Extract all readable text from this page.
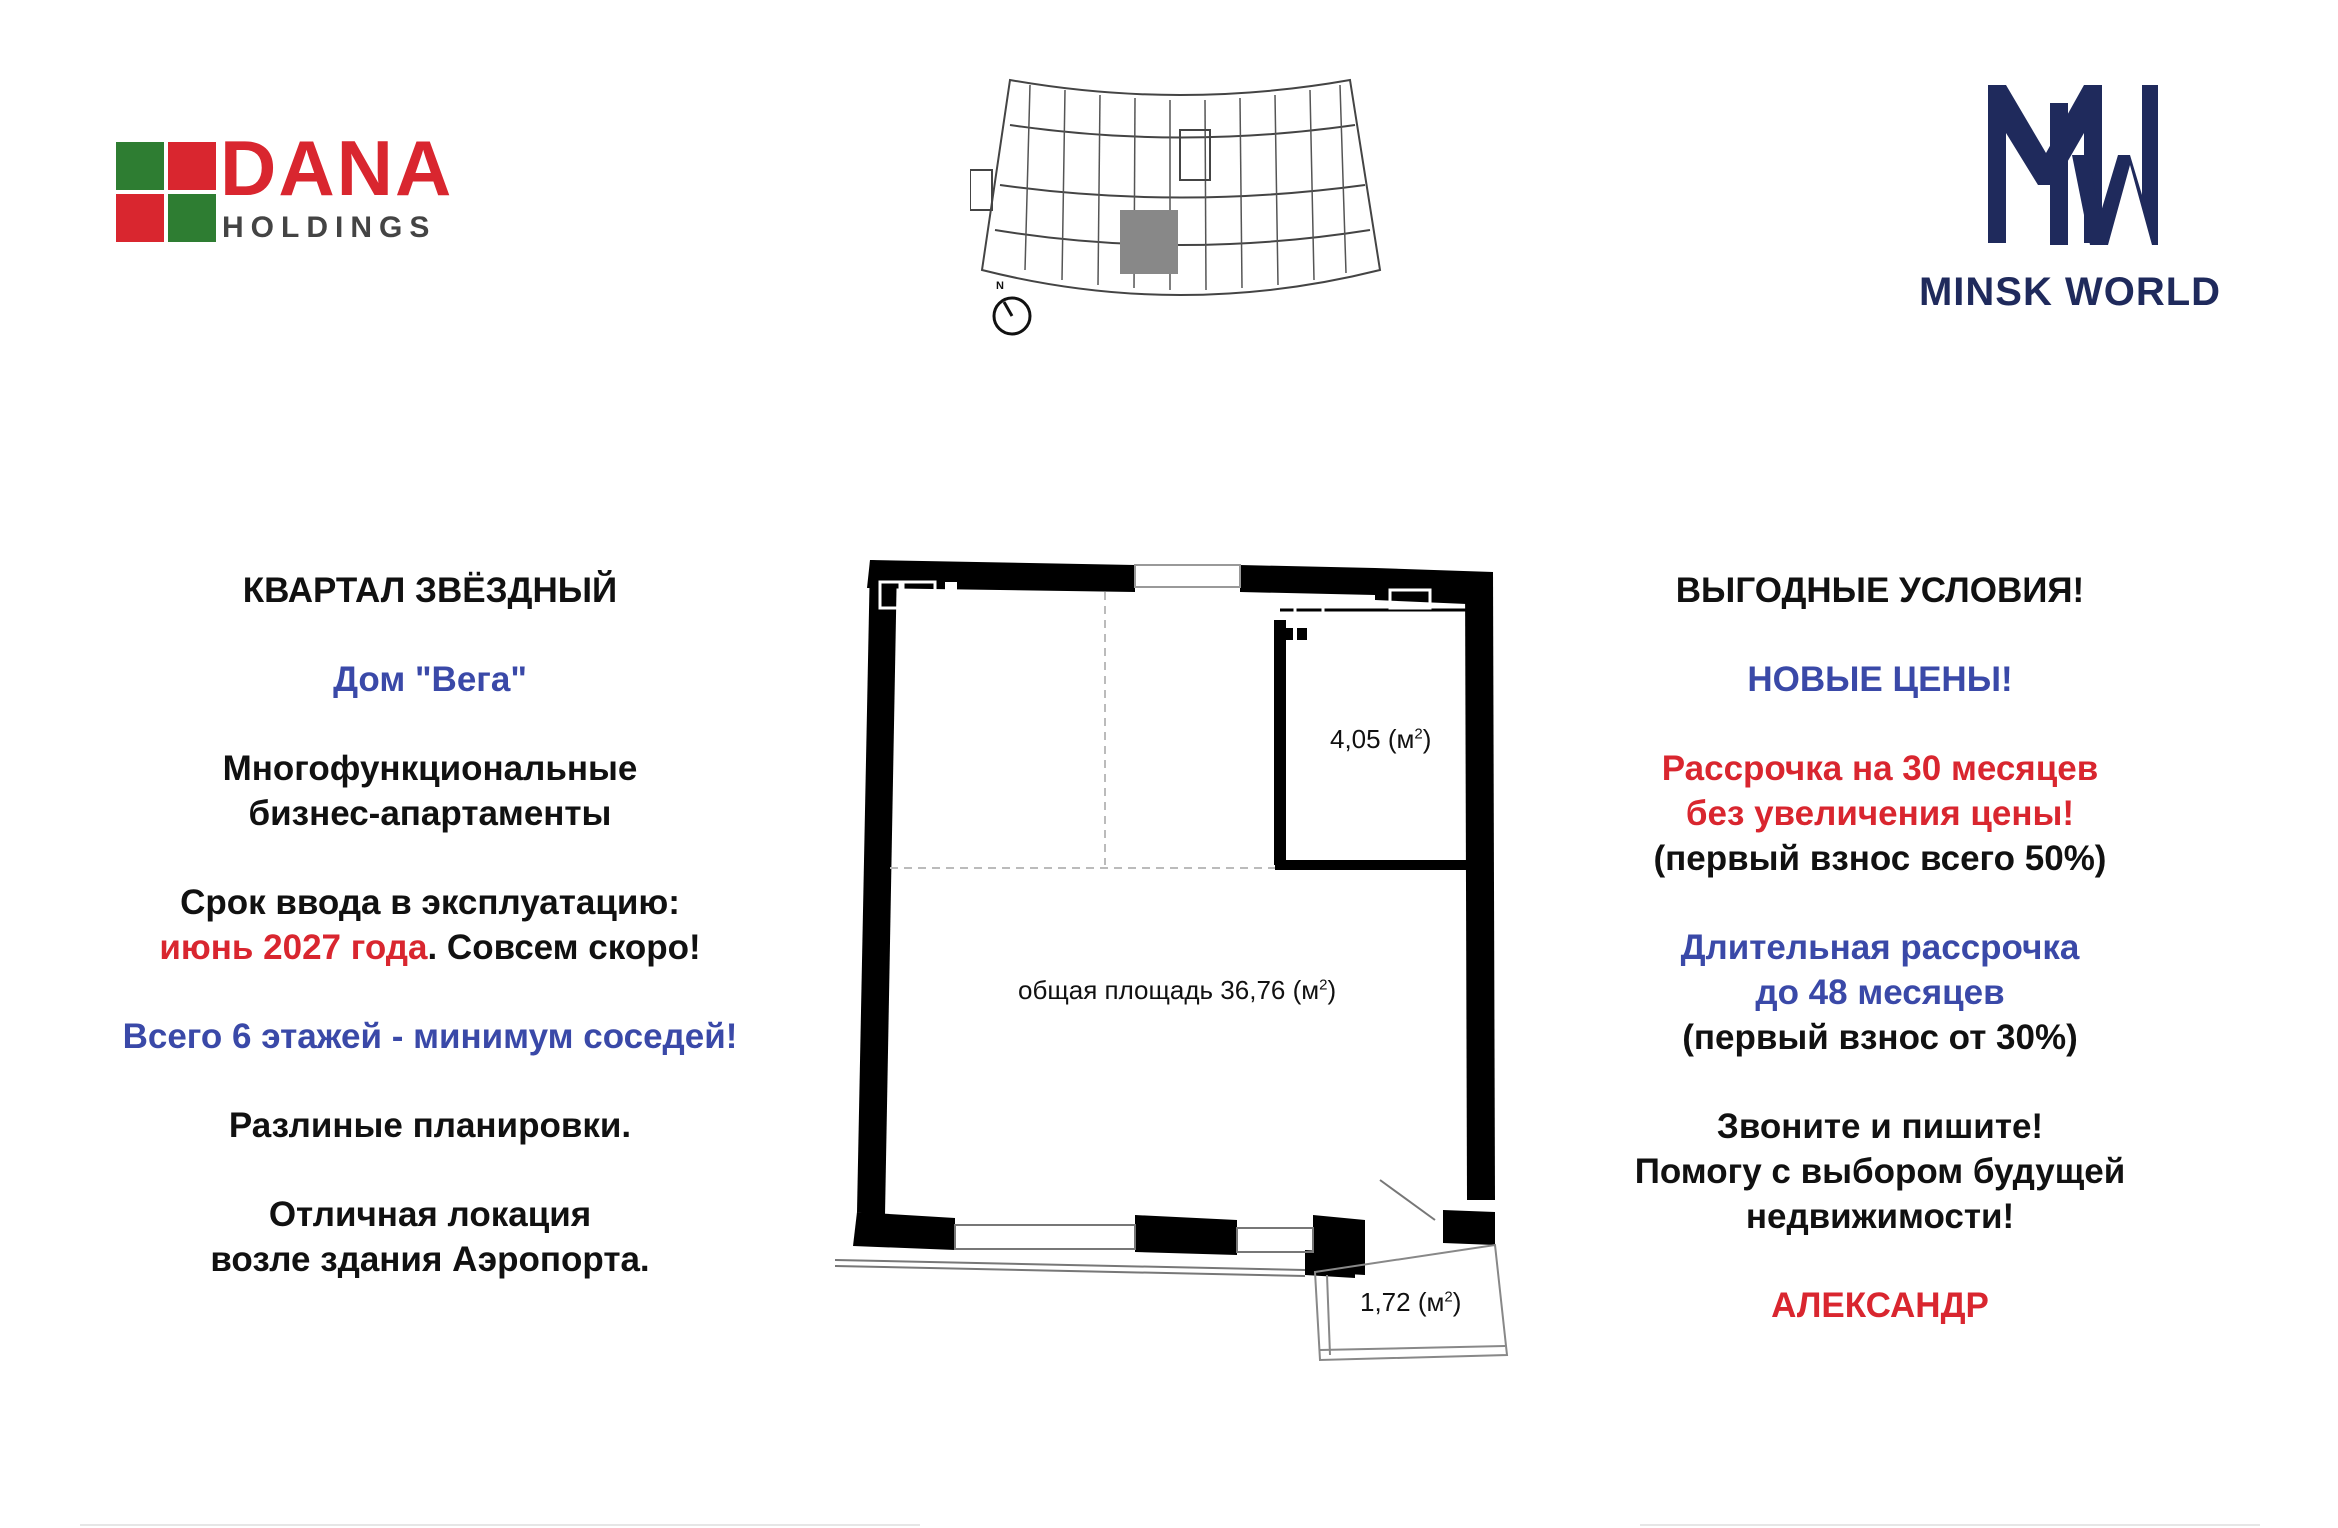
DANA
HOLDINGS
N	MINSK WORLD

КВАРТАЛ ЗВЁЗДНЫЙ

Дом "Вега"

Многофункциональные
бизнес-апартаменты

Срок ввода в эксплуатацию:
июнь 2027 года. Совсем скоро!

Всего 6 этажей - минимум соседей!

Разлиные планировки.

Отличная локация
возле здания Аэропорта.

4,05 $(м^2)$
общая площадь 36,76 $(м^2)$
1,72 $(м^2)$

ВЫГОДНЫЕ УСЛОВИЯ!

НОВЫЕ ЦЕНЫ!

Рассрочка на 30 месяцев
без увеличения цены!
(первый взнос всего 50%)

Длительная рассрочка
до 48 месяцев
(первый взнос от 30%)

Звоните и пишите!
Помогу с выбором будущей
недвижимости!

АЛЕКСАНДР
